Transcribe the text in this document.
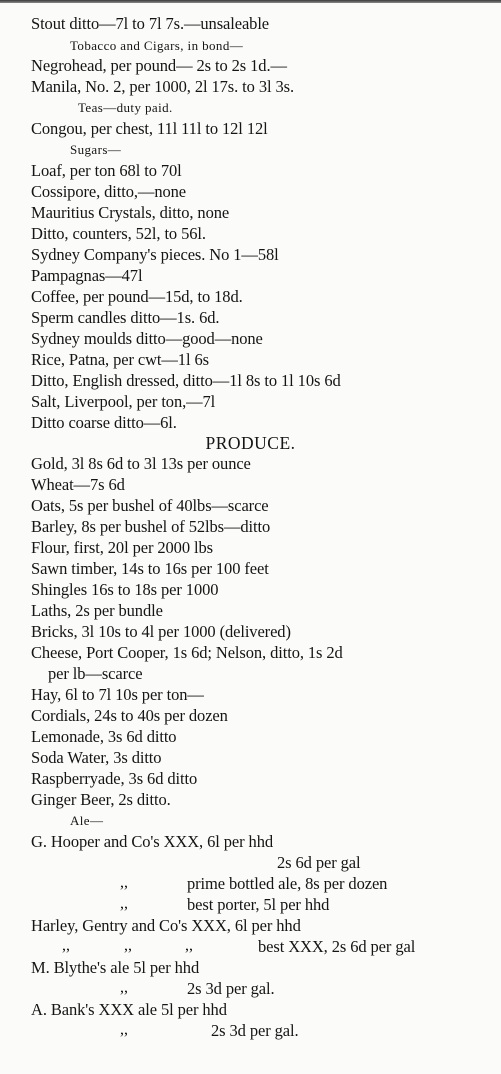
Stout ditto—7l to 7l 7s.—unsaleable
Tobacco and Cigars, in bond—
Negrohead, per pound— 2s to 2s 1d.—
Manila, No. 2, per 1000, 2l 17s. to 3l 3s.
Teas—duty paid.
Congou, per chest, 11l 11l to 12l 12l
Sugars—
Loaf, per ton 68l to 70l
Cossipore, ditto,—none
Mauritius Crystals, ditto, none
Ditto, counters, 52l, to 56l.
Sydney Company's pieces. No 1—58l
Pampagnas—47l
Coffee, per pound—15d, to 18d.
Sperm candles ditto—1s. 6d.
Sydney moulds ditto—good—none
Rice, Patna, per cwt—1l 6s
Ditto, English dressed, ditto—1l 8s to 1l 10s 6d
Salt, Liverpool, per ton,—7l
Ditto coarse ditto—6l.
PRODUCE.
Gold, 3l 8s 6d to 3l 13s per ounce
Wheat—7s 6d
Oats, 5s per bushel of 40lbs—scarce
Barley, 8s per bushel of 52lbs—ditto
Flour, first, 20l per 2000 lbs
Sawn timber, 14s to 16s per 100 feet
Shingles 16s to 18s per 1000
Laths, 2s per bundle
Bricks, 3l 10s to 4l per 1000 (delivered)
Cheese, Port Cooper, 1s 6d; Nelson, ditto, 1s 2d
per lb—scarce
Hay, 6l to 7l 10s per ton—
Cordials, 24s to 40s per dozen
Lemonade, 3s 6d ditto
Soda Water, 3s ditto
Raspberryade, 3s 6d ditto
Ginger Beer, 2s ditto.
Ale—
G. Hooper and Co's XXX, 6l per hhd
2s 6d per gal
,,	prime bottled ale, 8s per dozen
,,	best porter, 5l per hhd
Harley, Gentry and Co's XXX, 6l per hhd
,,	,,	,,	best XXX, 2s 6d per gal
M. Blythe's ale 5l per hhd
,,	2s 3d per gal.
A. Bank's XXX ale 5l per hhd
,,	2s 3d per gal.
